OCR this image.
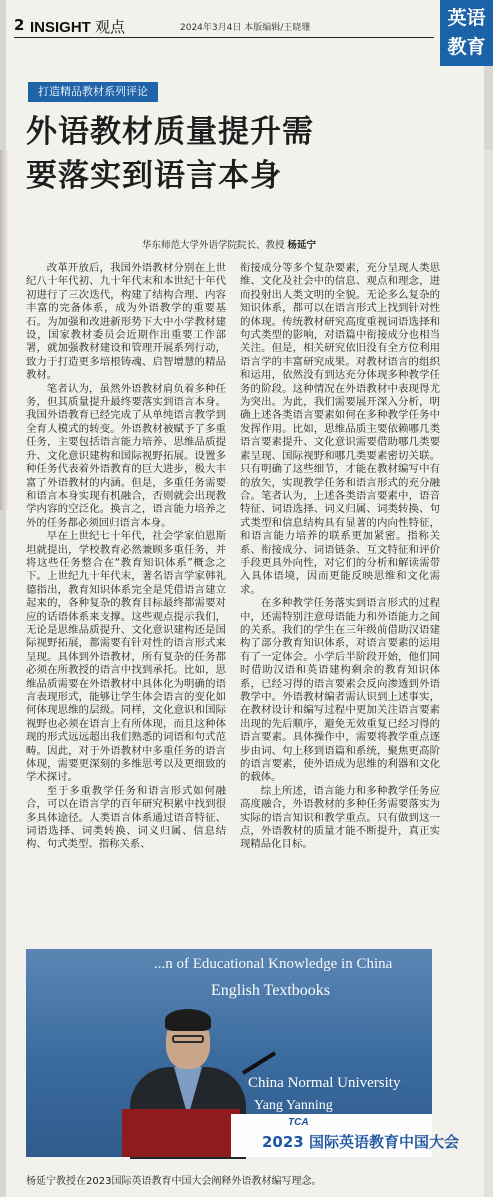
2 INSIGHT 观点	2024年3月4日 本版编辑/王晓珊	英语
教育
打造精品教材系列评论
外语教材质量提升需
要落实到语言本身
华东师范大学外语学院院长、教授 杨延宁

改革开放后，我国外语教材分别在上世纪八十年代初、九十年代末和本世纪十年代初进行了三次迭代，构建了结构合理、内容丰富的完备体系，成为外语教学的重要基石。为加强和改进新形势下大中小学教材建设，国家教材委员会近期作出重要工作部署，就加强教材建设和管理开展系列行动，致力于打造更多培根铸魂、启智增慧的精品教材。

笔者认为，虽然外语教材肩负着多种任务，但其质量提升最终要落实到语言本身。我国外语教育已经完成了从单纯语言教学到全育人模式的转变。外语教材被赋予了多重任务，主要包括语言能力培养、思维品质提升、文化意识建构和国际视野拓展。设置多种任务代表着外语教育的巨大进步，极大丰富了外语教材的内涵。但是，多重任务需要和语言本身实现有机融合，否则就会出现教学内容的空泛化。换言之，语言能力培养之外的任务都必须回归语言本身。

早在上世纪七十年代，社会学家伯恩斯坦就提出，学校教育必然兼顾多重任务，并将这些任务整合在“教育知识体系”概念之下。上世纪九十年代末，著名语言学家韩礼德指出，教育知识体系完全是凭借语言建立起来的，各种复杂的教育目标最终都需要对应的话语体系来支撑。这些观点提示我们，无论是思维品质提升、文化意识建构还是国际视野拓展，都需要有针对性的语言形式来呈现。具体到外语教材，所有复杂的任务都必须在所教授的语言中找到承托。比如，思维品质需要在外语教材中具体化为明确的语言表现形式，能够让学生体会语言的变化如何体现思维的层级。同样，文化意识和国际视野也必须在语言上有所体现，而且这种体现的形式远远超出我们熟悉的词语和句式范畴。因此，对于外语教材中多重任务的语言体现，需要更深刻的多维思考以及更细致的学术探讨。

至于多重教学任务和语言形式如何融合，可以在语言学的百年研究积累中找到很多具体途径。人类语言体系通过语音特征、词语选择、词类转换、词义归属、信息结构、句式类型、指称关系、

衔接成分等多个复杂要素，充分呈现人类思维、文化及社会中的信息、观点和理念，进而投射出人类文明的全貌。无论多么复杂的知识体系，都可以在语言形式上找到针对性的体现。传统教材研究高度重视词语选择和句式类型的影响，对语篇中衔接成分也相当关注。但是，相关研究依旧没有全方位利用语言学的丰富研究成果。对教材语言的组织和运用，依然没有到达充分体现多种教学任务的阶段。这种情况在外语教材中表现得尤为突出。为此，我们需要展开深入分析，明确上述各类语言要素如何在多种教学任务中发挥作用。比如，思维品质主要依赖哪几类语言要素提升、文化意识需要借助哪几类要素呈现、国际视野和哪几类要素密切关联。只有明确了这些细节，才能在教材编写中有的放矢，实现教学任务和语言形式的充分融合。笔者认为，上述各类语言要素中，语音特征、词语选择、词义归属、词类转换、句式类型和信息结构具有显著的内向性特征，和语言能力培养的联系更加紧密。指称关系、衔接成分、词语链条、互文特征和评价手段更具外向性，对它们的分析和解读需带入具体语境，因而更能反映思维和文化需求。

在多种教学任务落实到语言形式的过程中，还需特别注意母语能力和外语能力之间的关系。我们的学生在三年级前借助汉语建构了部分教育知识体系，对语言要素的运用有了一定体会。小学后半阶段开始，他们同时借助汉语和英语建构剩余的教育知识体系，已经习得的语言要素会反向渗透到外语教学中。外语教材编者需认识到上述事实，在教材设计和编写过程中更加关注语言要素出现的先后顺序，避免无效重复已经习得的语言要素。具体操作中，需要将教学重点逐步由词、句上移到语篇和系统，聚焦更高阶的语言要素，使外语成为思维的利器和文化的载体。

综上所述，语言能力和多种教学任务应高度融合，外语教材的多种任务需要落实为实际的语言知识和教学重点。只有做到这一点，外语教材的质量才能不断提升，真正实现精品化目标。

...n of Educational Knowledge in China
English Textbooks
China Normal University
Yang Yanning
TCA
2023 国际英语教育中国大会
杨延宁教授在2023国际英语教育中国大会阐释外语教材编写理念。
